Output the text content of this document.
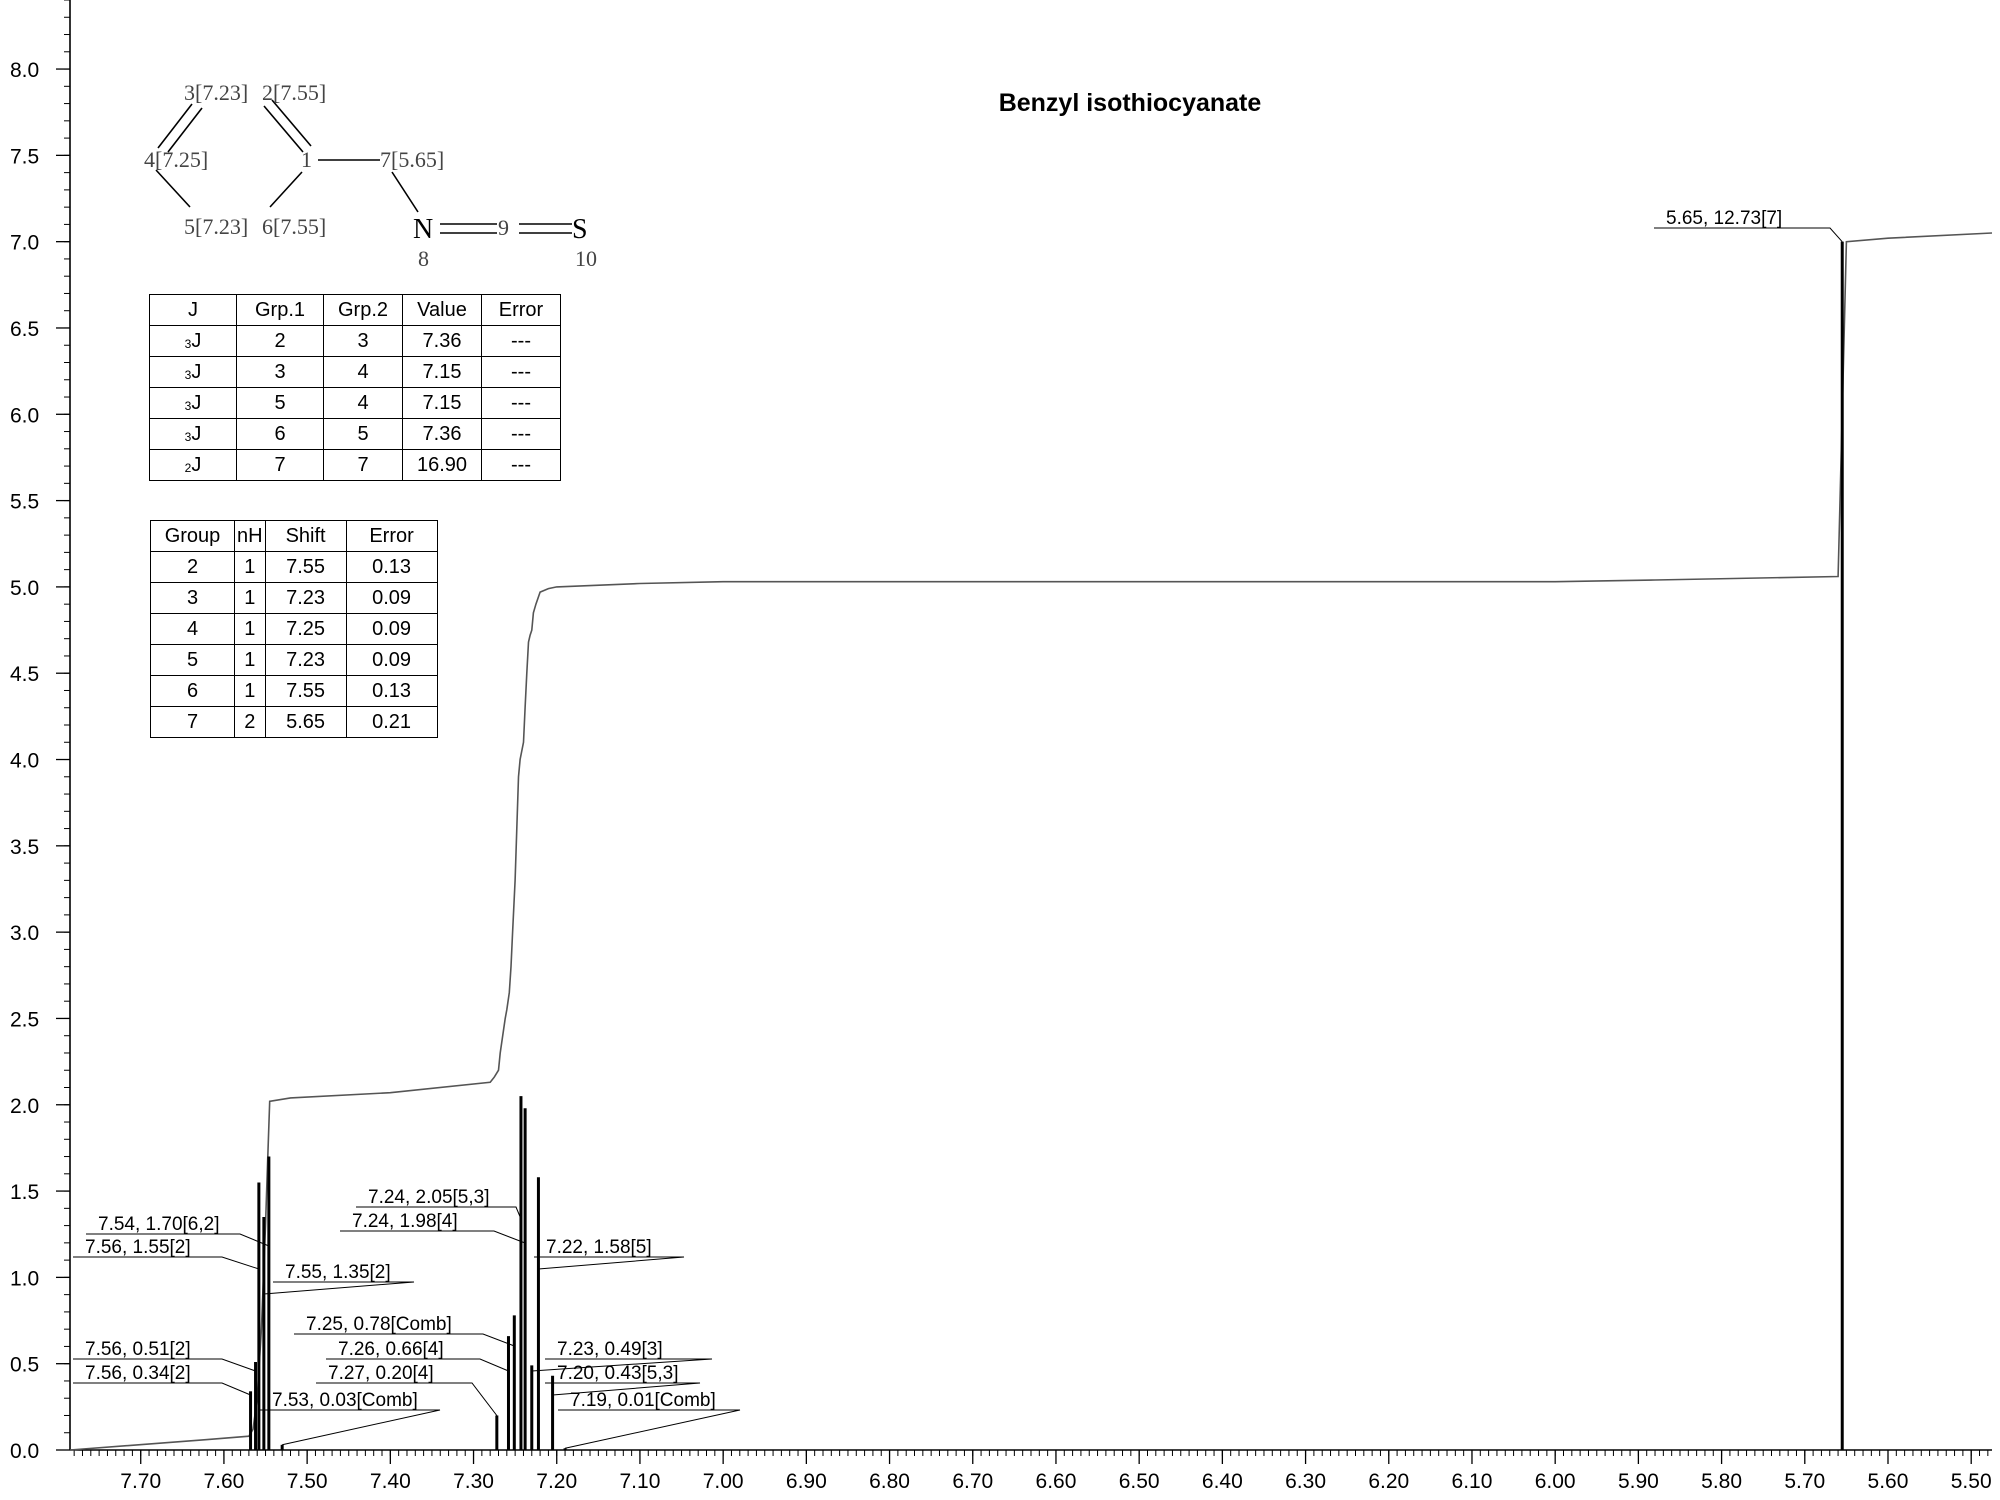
0.0
0.5
1.0
1.5
2.0
2.5
3.0
3.5
4.0
4.5
5.0
5.5
6.0
6.5
7.0
7.5
8.0
7.70 7.60 7.50 7.40 7.30 7.20 7.10 7.00 6.90 6.80 6.70 6.60 6.50 6.40 6.30 6.20 6.10 6.00 5.90 5.80 5.70 5.60 5.50
7.54, 1.70[6,2]
7.56, 1.55[2]
7.55, 1.35[2]
7.56, 0.51[2]
7.56, 0.34[2]
7.53, 0.03[Comb]
7.24, 2.05[5,3]
7.24, 1.98[4]
7.22, 1.58[5]
7.25, 0.78[Comb]
7.26, 0.66[4]
7.27, 0.20[4]
7.23, 0.49[3]
7.20, 0.43[5,3]
7.19, 0.01[Comb]
5.65, 12.73[7]
Benzyl isothiocyanate
3[7.23] 2[7.55]
4[7.25]	1	7[5.65]
5[7.23] 6[7.55]	N	9 S
8	10
J	Grp.1	Grp.2	Value	Error
3J	2	3	7.36	---
3J	3	4	7.15	---
3J	5	4	7.15	---
3J	6	5	7.36	---
2J	7	7	16.90	---
Group	nH	Shift	Error
2	1	7.55	0.13
3	1	7.23	0.09
4	1	7.25	0.09
5	1	7.23	0.09
6	1	7.55	0.13
7	2	5.65	0.21
